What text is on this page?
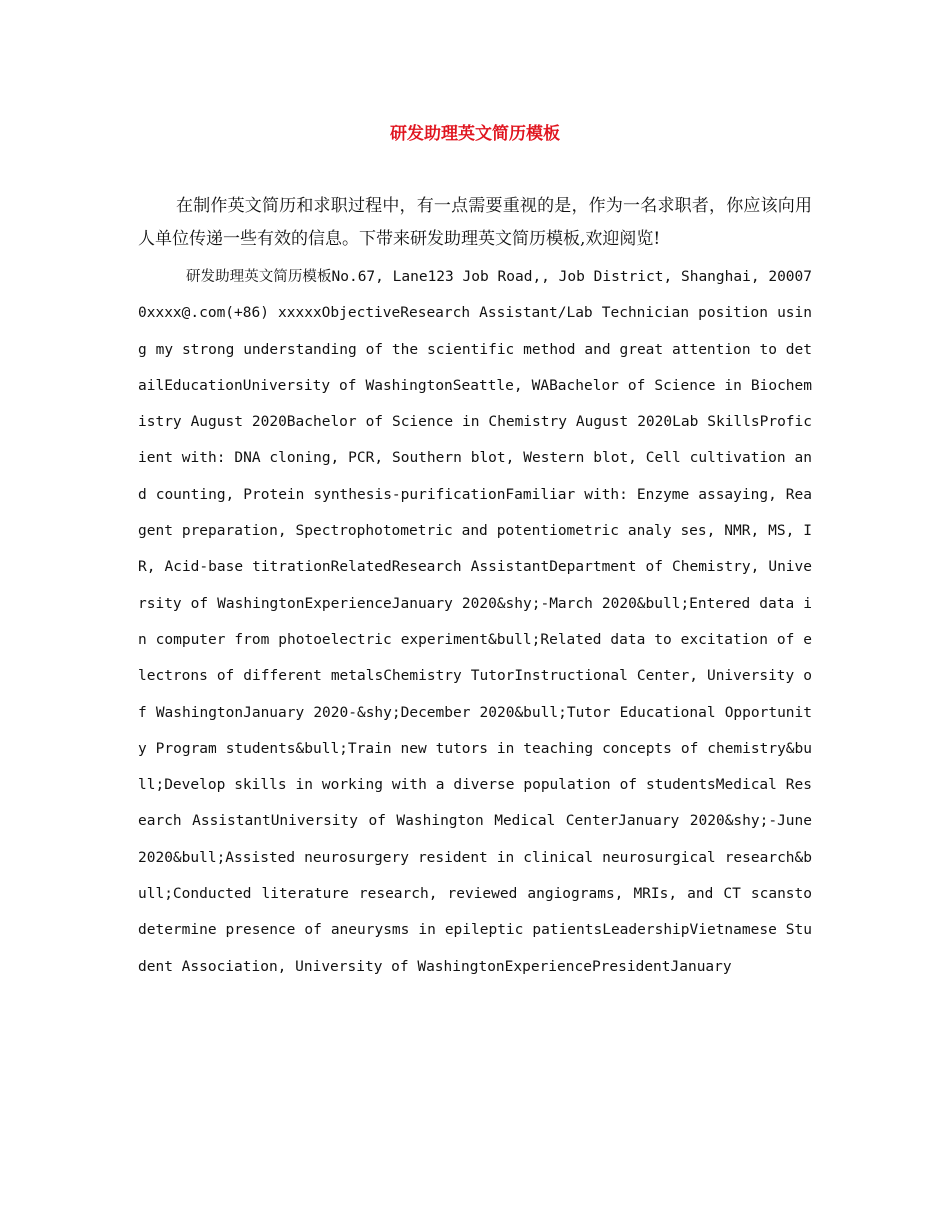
研发助理英文简历模板

在制作英文简历和求职过程中，有一点需要重视的是，作为一名求职者，你应该向用人单位传递一些有效的信息。下带来研发助理英文简历模板,欢迎阅览!

研发助理英文简历模板No.67, Lane123 Job Road,, Job District, Shanghai, 200070xxxx@.com(+86) xxxxxObjectiveResearch Assistant/Lab Technician position using my strong understanding of the scientific method and great attention to detailEducationUniversity of WashingtonSeattle, WABachelor of Science in Biochemistry August 2020Bachelor of Science in Chemistry August 2020Lab SkillsProficient with: DNA cloning, PCR, Southern blot, Western blot, Cell cultivation and counting, Protein synthesis-purificationFamiliar with: Enzyme assaying, Reagent preparation, Spectrophotometric and potentiometric analy ses, NMR, MS, IR, Acid-base titrationRelatedResearch AssistantDepartment of Chemistry, University of WashingtonExperienceJanuary 2020&shy;-March 2020&bull;Entered data in computer from photoelectric experiment&bull;Related data to excitation of electrons of different metalsChemistry TutorInstructional Center, University of WashingtonJanuary 2020-&shy;December 2020&bull;Tutor Educational Opportunity Program students&bull;Train new tutors in teaching concepts of chemistry&bull;Develop skills in working with a diverse population of studentsMedical Research AssistantUniversity of Washington Medical CenterJanuary 2020&shy;-June 2020&bull;Assisted neurosurgery resident in clinical neurosurgical research&bull;Conducted literature research, reviewed angiograms, MRIs, and CT scansto determine presence of aneurysms in epileptic patientsLeadershipVietnamese Student Association, University of WashingtonExperiencePresidentJanuary
